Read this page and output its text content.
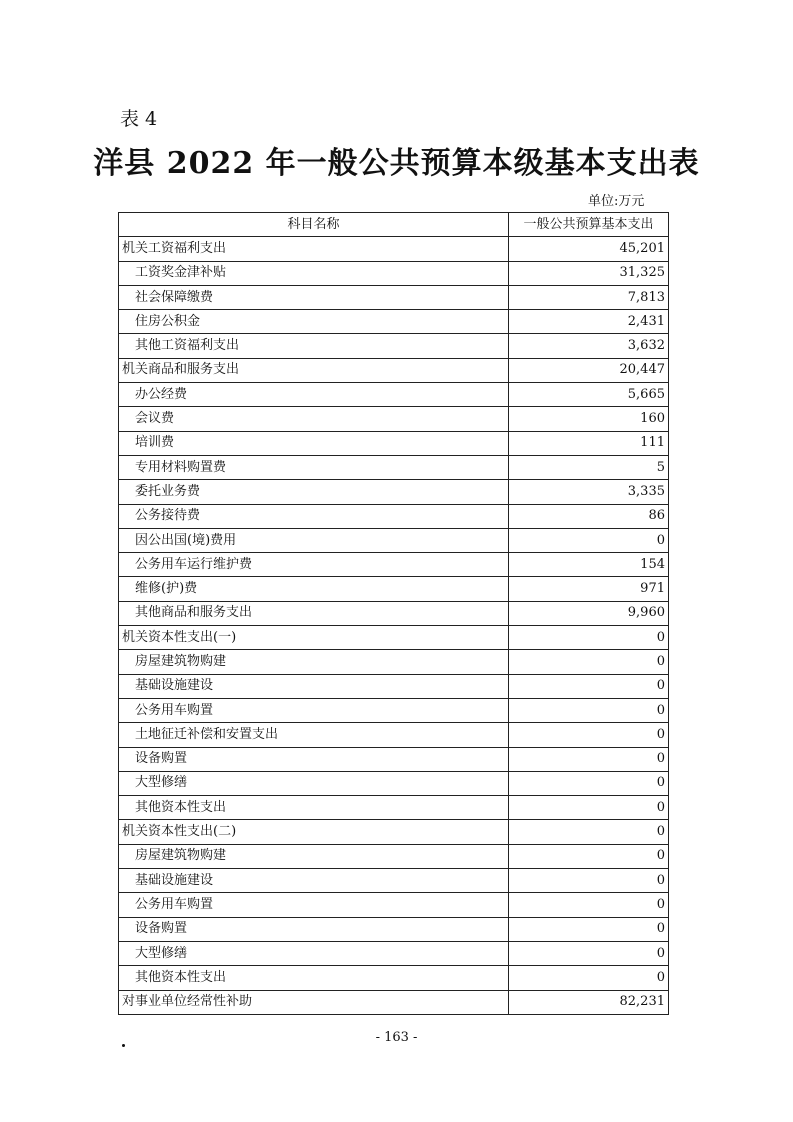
表 4
洋县 2022 年一般公共预算本级基本支出表
单位:万元
科目名称	一般公共预算基本支出
机关工资福利支出	45,201
工资奖金津补贴	31,325
社会保障缴费	7,813
住房公积金	2,431
其他工资福利支出	3,632
机关商品和服务支出	20,447
办公经费	5,665
会议费	160
培训费	111
专用材料购置费	5
委托业务费	3,335
公务接待费	86
因公出国(境)费用	0
公务用车运行维护费	154
维修(护)费	971
其他商品和服务支出	9,960
机关资本性支出(一)	0
房屋建筑物购建	0
基础设施建设	0
公务用车购置	0
土地征迁补偿和安置支出	0
设备购置	0
大型修缮	0
其他资本性支出	0
机关资本性支出(二)	0
房屋建筑物购建	0
基础设施建设	0
公务用车购置	0
设备购置	0
大型修缮	0
其他资本性支出	0
对事业单位经常性补助	82,231
- 163 -
